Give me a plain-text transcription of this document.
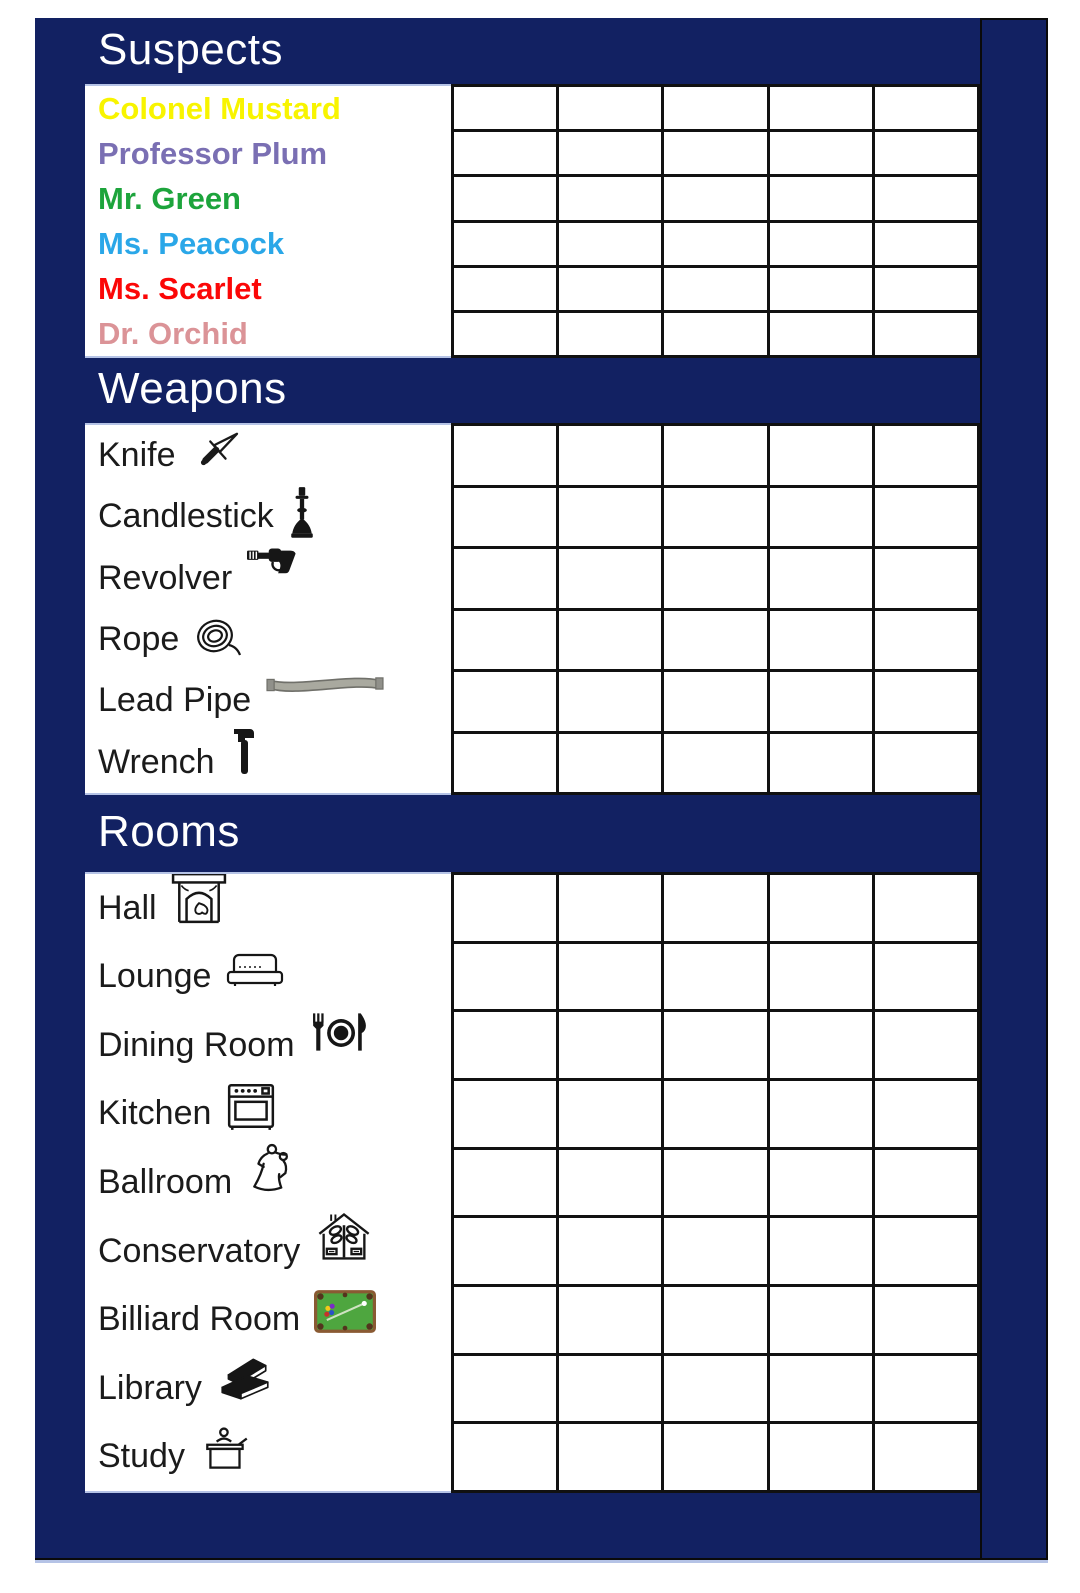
Suspects
Colonel Mustard
Professor Plum
Mr. Green
Ms. Peacock
Ms. Scarlet
Dr. Orchid
Weapons
Knife
Candlestick
Revolver
Rope
Lead Pipe
Wrench
Rooms
Hall
Lounge
Dining Room
Kitchen
Ballroom
Conservatory
Billiard Room
Library
Study
